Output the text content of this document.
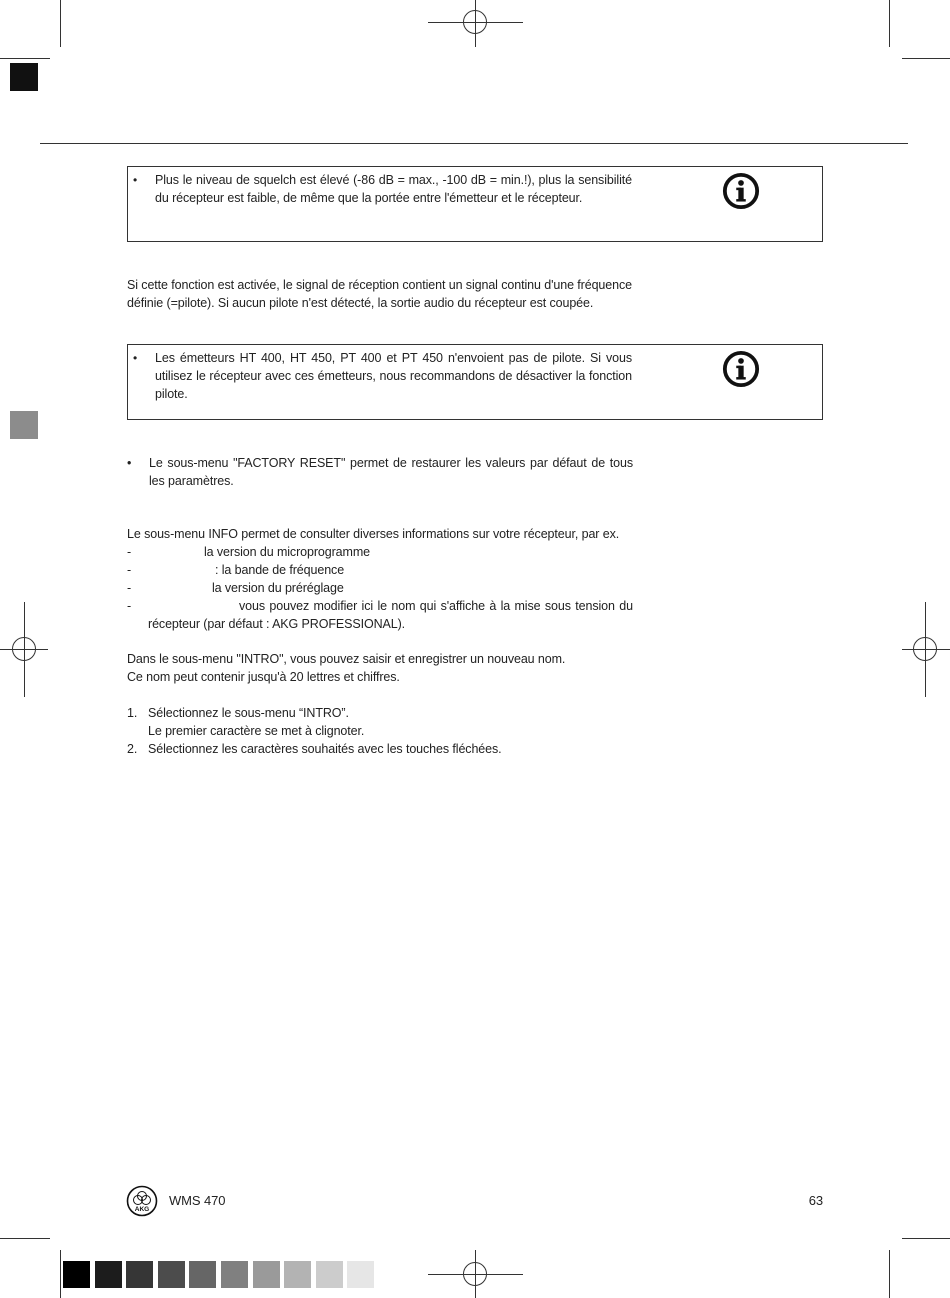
• Plus le niveau de squelch est élevé (-86 dB = max., -100 dB = min.!), plus la sensibilité du récepteur est faible, de même que la portée entre l'émetteur et le récepteur.
Si cette fonction est activée, le signal de réception contient un signal continu d'une fréquence définie (=pilote). Si aucun pilote n'est détecté, la sortie audio du récepteur est coupée.
• Les émetteurs HT 400, HT 450, PT 400 et PT 450 n'envoient pas de pilote. Si vous utilisez le récepteur avec ces émetteurs, nous recommandons de désactiver la fonction pilote.
• Le sous-menu "FACTORY RESET" permet de restaurer les valeurs par défaut de tous les paramètres.
Le sous-menu INFO permet de consulter diverses informations sur votre récepteur, par ex.
-	la version du microprogramme
-	: la bande de fréquence
-	la version du préréglage
-	vous pouvez modifier ici le nom qui s'affiche à la mise sous tension du récepteur (par défaut : AKG PROFESSIONAL).
Dans le sous-menu "INTRO", vous pouvez saisir et enregistrer un nouveau nom.
Ce nom peut contenir jusqu'à 20 lettres et chiffres.
1. Sélectionnez le sous-menu “INTRO”.
Le premier caractère se met à clignoter.
2. Sélectionnez les caractères souhaités avec les touches fléchées.
AKG
WMS 470	63
